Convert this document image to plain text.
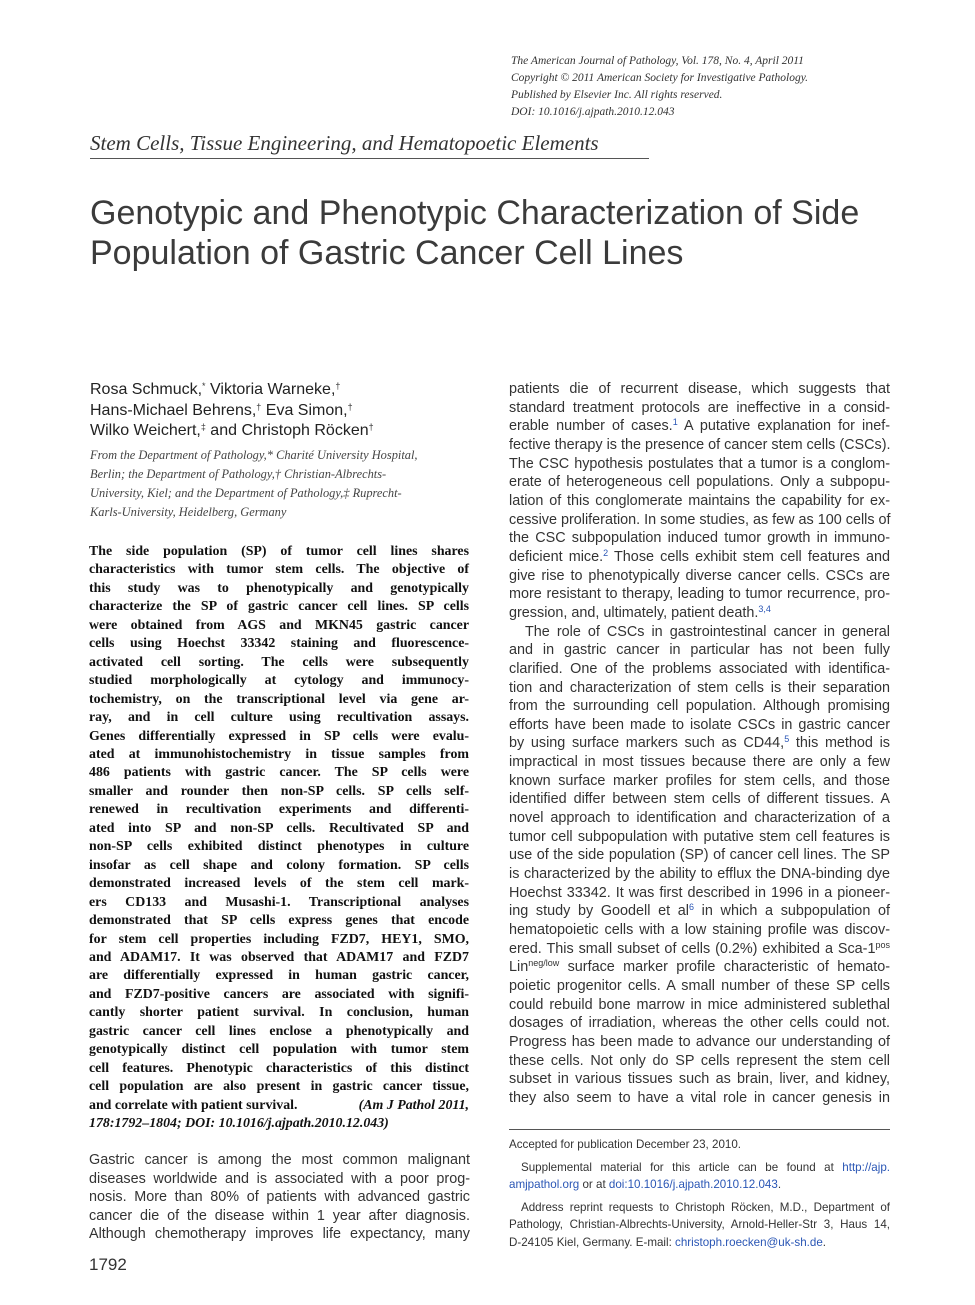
The American Journal of Pathology, Vol. 178, No. 4, April 2011
Copyright © 2011 American Society for Investigative Pathology.
Published by Elsevier Inc. All rights reserved.
DOI: 10.1016/j.ajpath.2010.12.043
Stem Cells, Tissue Engineering, and Hematopoetic Elements
Genotypic and Phenotypic Characterization of Side
Population of Gastric Cancer Cell Lines
Rosa Schmuck,* Viktoria Warneke,†
Hans-Michael Behrens,† Eva Simon,†
Wilko Weichert,‡ and Christoph Röcken†
From the Department of Pathology,* Charité University Hospital,
Berlin; the Department of Pathology,† Christian-Albrechts-
University, Kiel; and the Department of Pathology,‡ Ruprecht-
Karls-University, Heidelberg, Germany
The side population (SP) of tumor cell lines shares
characteristics with tumor stem cells. The objective of
this study was to phenotypically and genotypically
characterize the SP of gastric cancer cell lines. SP cells
were obtained from AGS and MKN45 gastric cancer
cells using Hoechst 33342 staining and fluorescence-
activated cell sorting. The cells were subsequently
studied morphologically at cytology and immunocy-
tochemistry, on the transcriptional level via gene ar-
ray, and in cell culture using recultivation assays.
Genes differentially expressed in SP cells were evalu-
ated at immunohistochemistry in tissue samples from
486 patients with gastric cancer. The SP cells were
smaller and rounder then non-SP cells. SP cells self-
renewed in recultivation experiments and differenti-
ated into SP and non-SP cells. Recultivated SP and
non-SP cells exhibited distinct phenotypes in culture
insofar as cell shape and colony formation. SP cells
demonstrated increased levels of the stem cell mark-
ers CD133 and Musashi-1. Transcriptional analyses
demonstrated that SP cells express genes that encode
for stem cell properties including FZD7, HEY1, SMO,
and ADAM17. It was observed that ADAM17 and FZD7
are differentially expressed in human gastric cancer,
and FZD7-positive cancers are associated with signifi-
cantly shorter patient survival. In conclusion, human
gastric cancer cell lines enclose a phenotypically and
genotypically distinct cell population with tumor stem
cell features. Phenotypic characteristics of this distinct
cell population are also present in gastric cancer tissue,
and correlate with patient survival.	(Am J Pathol 2011,
178:1792–1804; DOI: 10.1016/j.ajpath.2010.12.043)
Gastric cancer is among the most common malignant
diseases worldwide and is associated with a poor prog-
nosis. More than 80% of patients with advanced gastric
cancer die of the disease within 1 year after diagnosis.
Although chemotherapy improves life expectancy, many
1792
patients die of recurrent disease, which suggests that
standard treatment protocols are ineffective in a consid-
erable number of cases.$^1$ A putative explanation for inef-
fective therapy is the presence of cancer stem cells (CSCs).
The CSC hypothesis postulates that a tumor is a conglom-
erate of heterogeneous cell populations. Only a subpopu-
lation of this conglomerate maintains the capability for ex-
cessive proliferation. In some studies, as few as 100 cells of
the CSC subpopulation induced tumor growth in immuno-
deficient mice.$^2$ Those cells exhibit stem cell features and
give rise to phenotypically diverse cancer cells. CSCs are
more resistant to therapy, leading to tumor recurrence, pro-
gression, and, ultimately, patient death.$^{3,4}$
The role of CSCs in gastrointestinal cancer in general
and in gastric cancer in particular has not been fully
clarified. One of the problems associated with identifica-
tion and characterization of stem cells is their separation
from the surrounding cell population. Although promising
efforts have been made to isolate CSCs in gastric cancer
by using surface markers such as CD44,$^5$ this method is
impractical in most tissues because there are only a few
known surface marker profiles for stem cells, and those
identified differ between stem cells of different tissues. A
novel approach to identification and characterization of a
tumor cell subpopulation with putative stem cell features is
use of the side population (SP) of cancer cell lines. The SP
is characterized by the ability to efflux the DNA-binding dye
Hoechst 33342. It was first described in 1996 in a pioneer-
ing study by Goodell et $al^6$ in which a subpopulation of
hematopoietic cells with a low staining profile was discov-
ered. This small subset of cells (0.2%) exhibited a Sca-$1^{pos}$
Lin$^{neg/low}$ surface marker profile characteristic of hemato-
poietic progenitor cells. A small number of these SP cells
could rebuild bone marrow in mice administered sublethal
dosages of irradiation, whereas the other cells could not.
Progress has been made to advance our understanding of
these cells. Not only do SP cells represent the stem cell
subset in various tissues such as brain, liver, and kidney,
they also seem to have a vital role in cancer genesis in
Accepted for publication December 23, 2010.
Supplemental material for this article can be found at http://ajp.
amjpathol.org or at doi:10.1016/j.ajpath.2010.12.043.
Address reprint requests to Christoph Röcken, M.D., Department of
Pathology, Christian-Albrechts-University, Arnold-Heller-Str 3, Haus 14,
D-24105 Kiel, Germany. E-mail: christoph.roecken@uk-sh.de.
